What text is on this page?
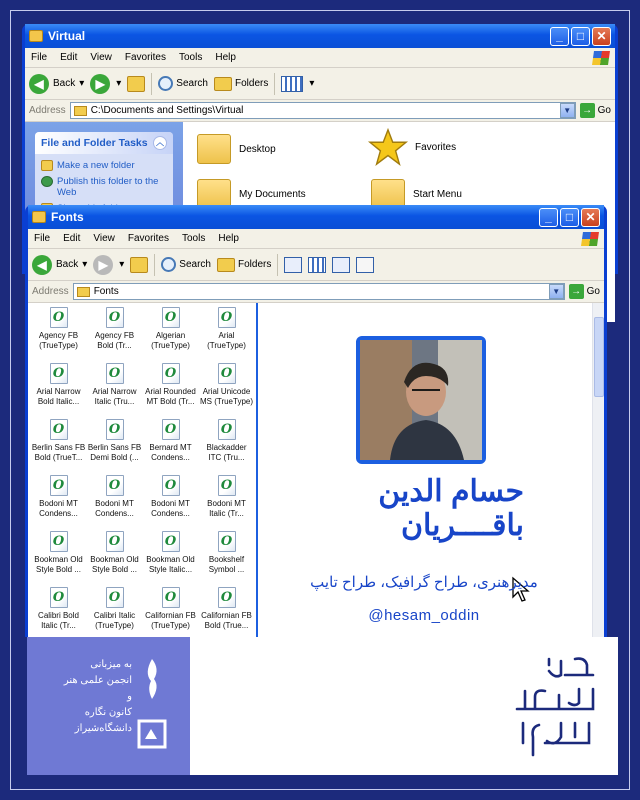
Virtual	_	□	✕
File Edit View Favorites Tools Help
◀ Back ▾ ▶	▾	Search	Folders	▾
Address	C:\Documents and Settings\Virtual	▼	→ Go
File and Folder Tasks	︿
Make a new folder
Publish this folder to the Web
Desktop	Favorites
My Documents	Start Menu
Fonts	_	□	✕
File Edit View Favorites Tools Help
◀ Back ▾ ▶	▾	Search	Folders
Address	Fonts	▼	→ Go
O
Agency FB
(TrueType)
O
Agency FB
Bold (Tr...
O
Algerian
(TrueType)
O
Arial
(TrueType)
O
Arial Narrow
Bold Italic...
O
Arial Narrow
Italic (Tru...
O
Arial Rounded
MT Bold (Tr...
O
Arial Unicode
MS (TrueType)
O
Berlin Sans FB
Bold (TrueT...
O
Berlin Sans FB
Demi Bold (...
O
Bernard MT
Condens...
O
Blackadder
ITC (Tru...
O
Bodoni MT
Condens...
O
Bodoni MT
Condens...
O
Bodoni MT
Condens...
O
Bodoni MT
Italic (Tr...
O
Bookman Old
Style Bold ...
O
Bookman Old
Style Bold ...
O
Bookman Old
Style Italic...
O
Bookshelf
Symbol ...
O
Calibri Bold
Italic (Tr...
O
Calibri Italic
(TrueType)
O
Californian FB
(TrueType)
O
Californian FB
Bold (True...
حسام الدین
باقــــریان
مدیرهنری، طراح گرافیک، طراح تایپ
@hesam_oddin
به میزبانی
انجمن علمی هنر
و
کانون نگاره
دانشگاه‌شیراز
